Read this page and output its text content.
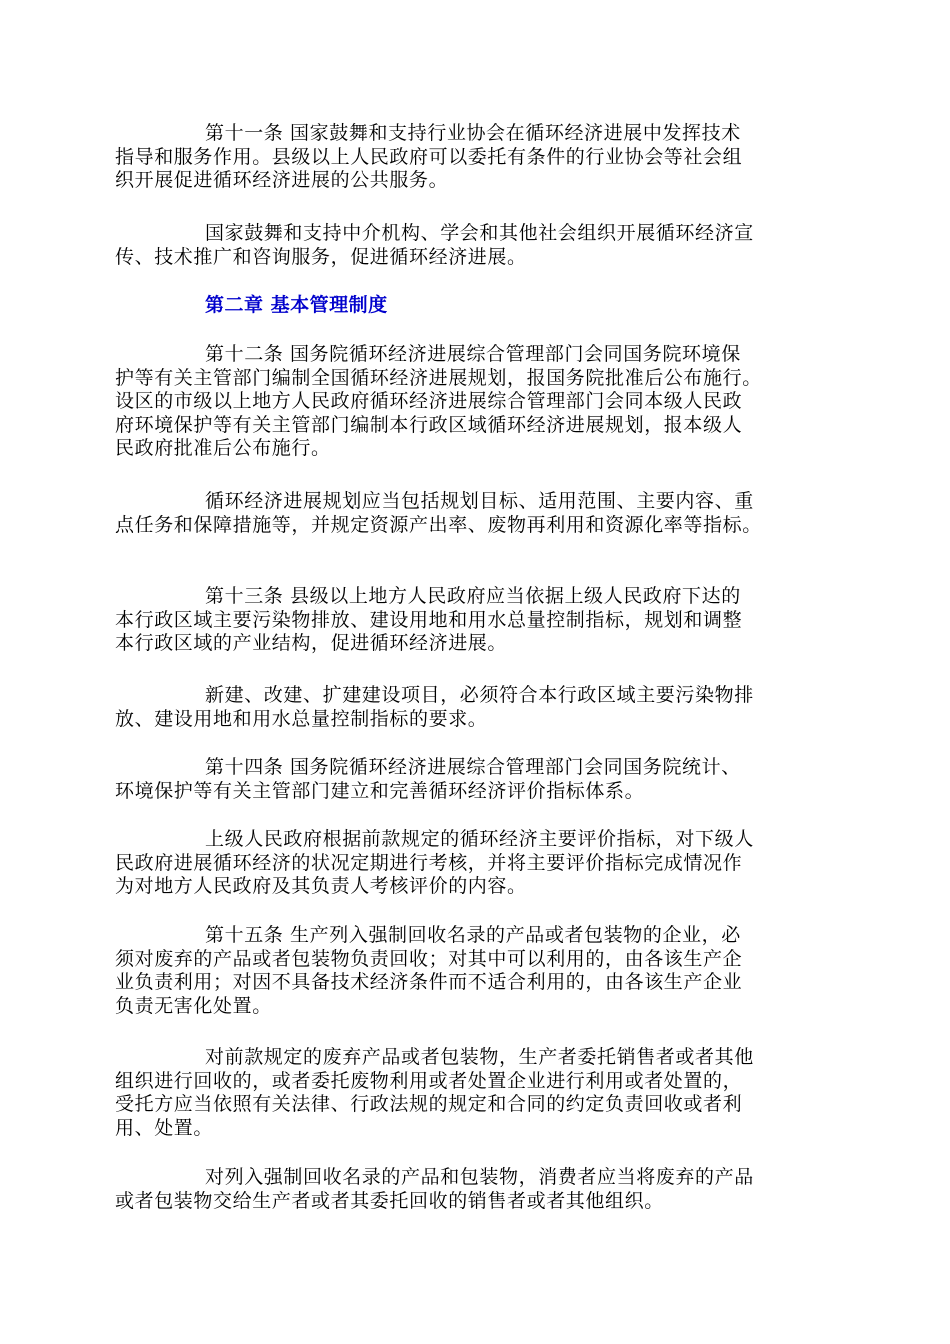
第十一条 国家鼓舞和支持行业协会在循环经济进展中发挥技术
指导和服务作用。县级以上人民政府可以委托有条件的行业协会等社会组
织开展促进循环经济进展的公共服务。

国家鼓舞和支持中介机构、学会和其他社会组织开展循环经济宣
传、技术推广和咨询服务，促进循环经济进展。

第二章 基本管理制度

第十二条 国务院循环经济进展综合管理部门会同国务院环境保
护等有关主管部门编制全国循环经济进展规划，报国务院批准后公布施行。
设区的市级以上地方人民政府循环经济进展综合管理部门会同本级人民政
府环境保护等有关主管部门编制本行政区域循环经济进展规划，报本级人
民政府批准后公布施行。

循环经济进展规划应当包括规划目标、适用范围、主要内容、重
点任务和保障措施等，并规定资源产出率、废物再利用和资源化率等指标。

第十三条 县级以上地方人民政府应当依据上级人民政府下达的
本行政区域主要污染物排放、建设用地和用水总量控制指标，规划和调整
本行政区域的产业结构，促进循环经济进展。

新建、改建、扩建建设项目，必须符合本行政区域主要污染物排
放、建设用地和用水总量控制指标的要求。

第十四条 国务院循环经济进展综合管理部门会同国务院统计、
环境保护等有关主管部门建立和完善循环经济评价指标体系。

上级人民政府根据前款规定的循环经济主要评价指标，对下级人
民政府进展循环经济的状况定期进行考核，并将主要评价指标完成情况作
为对地方人民政府及其负责人考核评价的内容。

第十五条 生产列入强制回收名录的产品或者包装物的企业，必
须对废弃的产品或者包装物负责回收；对其中可以利用的，由各该生产企
业负责利用；对因不具备技术经济条件而不适合利用的，由各该生产企业
负责无害化处置。

对前款规定的废弃产品或者包装物，生产者委托销售者或者其他
组织进行回收的，或者委托废物利用或者处置企业进行利用或者处置的，
受托方应当依照有关法律、行政法规的规定和合同的约定负责回收或者利
用、处置。

对列入强制回收名录的产品和包装物，消费者应当将废弃的产品
或者包装物交给生产者或者其委托回收的销售者或者其他组织。
